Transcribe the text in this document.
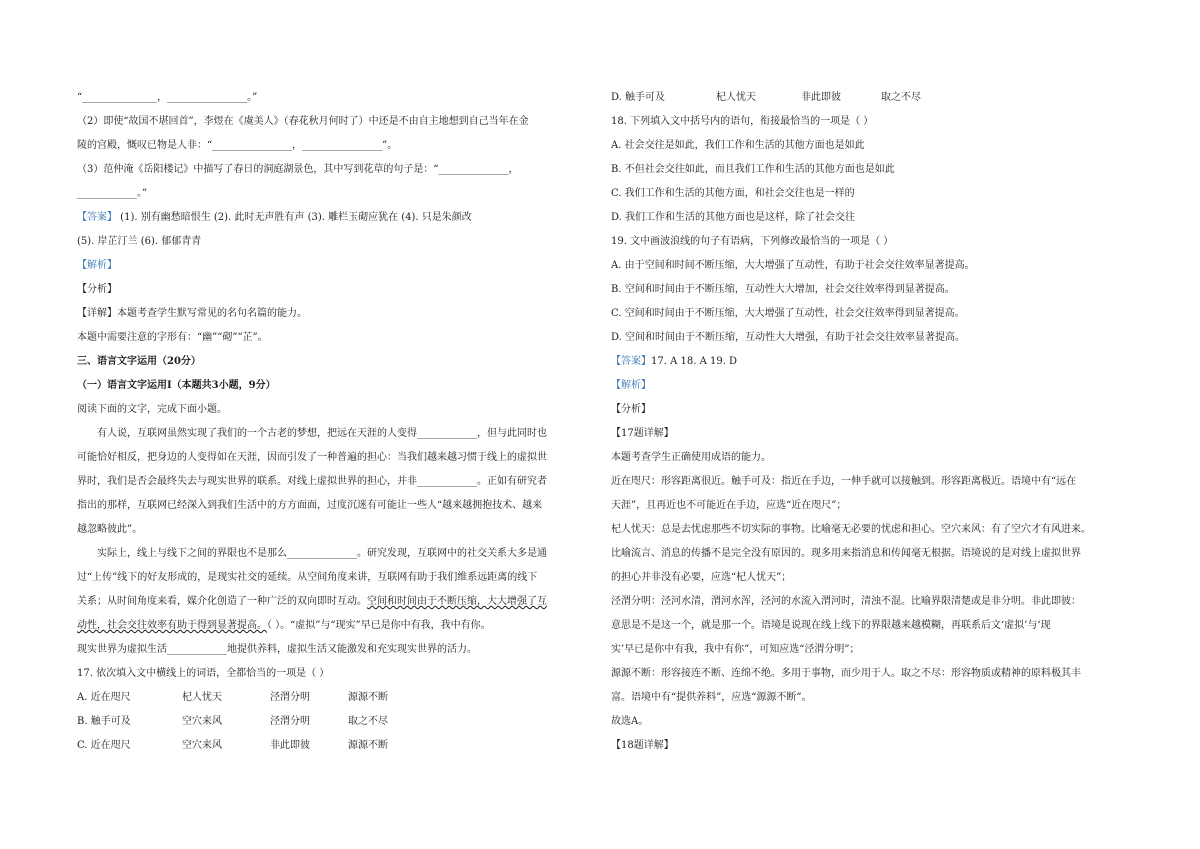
“_______________，________________。”
（2）即使“故国不堪回首”，李煜在《虞美人》（春花秋月何时了）中还是不由自主地想到自己当年在金
陵的宫殿，慨叹已物是人非：“________________，________________”。
（3）范仲淹《岳阳楼记》中描写了春日的洞庭湖景色，其中写到花草的句子是：“______________，
____________。”
【答案】 (1). 别有幽愁暗恨生 (2). 此时无声胜有声 (3). 雕栏玉砌应犹在 (4). 只是朱颜改
(5). 岸芷汀兰 (6). 郁郁青青
【解析】
【分析】
【详解】本题考查学生默写常见的名句名篇的能力。
本题中需要注意的字形有：“幽”“砌”“芷”。
三、语言文字运用（20分）
（一）语言文字运用Ⅰ（本题共3小题，9分）
阅读下面的文字，完成下面小题。
有人说，互联网虽然实现了我们的一个古老的梦想，把远在天涯的人变得____________，但与此同时也
可能恰好相反，把身边的人变得如在天涯，因而引发了一种普遍的担心：当我们越来越习惯于线上的虚拟世
界时，我们是否会最终失去与现实世界的联系。对线上虚拟世界的担心，并非____________。正如有研究者
指出的那样，互联网已经深入到我们生活中的方方面面，过度沉迷有可能让一些人“越来越拥抱技术、越来
越忽略彼此”。
实际上，线上与线下之间的界限也不是那么______________。研究发现，互联网中的社交关系大多是通
过“上传”线下的好友形成的，是现实社交的延续。从空间角度来讲，互联网有助于我们维系远距离的线下
关系；从时间角度来看，媒介化创造了一种广泛的双向即时互动。空间和时间由于不断压缩，大大增强了互
动性，社会交往效率有助于得到显著提高。（ ）。“虚拟”与“现实”早已是你中有我，我中有你。
现实世界为虚拟生活____________地提供养料，虚拟生活又能激发和充实现实世界的活力。
17. 依次填入文中横线上的词语，全都恰当的一项是（ ）
A. 近在咫尺	杞人忧天	泾渭分明	源源不断
B. 触手可及	空穴来风	泾渭分明	取之不尽
C. 近在咫尺	空穴来风	非此即彼	源源不断
D. 触手可及	杞人忧天	非此即彼	取之不尽
18. 下列填入文中括号内的语句，衔接最恰当的一项是（ ）
A. 社会交往是如此，我们工作和生活的其他方面也是如此
B. 不但社会交往如此，而且我们工作和生活的其他方面也是如此
C. 我们工作和生活的其他方面，和社会交往也是一样的
D. 我们工作和生活的其他方面也是这样，除了社会交往
19. 文中画波浪线的句子有语病，下列修改最恰当的一项是（ ）
A. 由于空间和时间不断压缩，大大增强了互动性，有助于社会交往效率显著提高。
B. 空间和时间由于不断压缩，互动性大大增加，社会交往效率得到显著提高。
C. 空间和时间由于不断压缩，大大增强了互动性，社会交往效率得到显著提高。
D. 空间和时间由于不断压缩，互动性大大增强，有助于社会交往效率显著提高。
【答案】17. A 18. A 19. D
【解析】
【分析】
【17题详解】
本题考查学生正确使用成语的能力。
近在咫尺：形容距离很近。触手可及：指近在手边，一伸手就可以接触到。形容距离极近。语境中有“远在
天涯”，且再近也不可能近在手边，应选“近在咫尺”；
杞人忧天：总是去忧虑那些不切实际的事物。比喻毫无必要的忧虑和担心。空穴来风：有了空穴才有风进来。
比喻流言、消息的传播不是完全没有原因的。现多用来指消息和传闻毫无根据。语境说的是对线上虚拟世界
的担心并非没有必要，应选“杞人忧天”；
泾渭分明：泾河水清，渭河水浑，泾河的水流入渭河时，清浊不混。比喻界限清楚或是非分明。非此即彼：
意思是不是这一个，就是那一个。语境是说现在线上线下的界限越来越模糊，再联系后文‘虚拟’与‘现
实’早已是你中有我，我中有你”，可知应选“泾渭分明”；
源源不断：形容接连不断、连绵不绝。多用于事物，而少用于人。取之不尽：形容物质或精神的原料极其丰
富。语境中有“提供养料”，应选“源源不断”。
故选A。
【18题详解】
